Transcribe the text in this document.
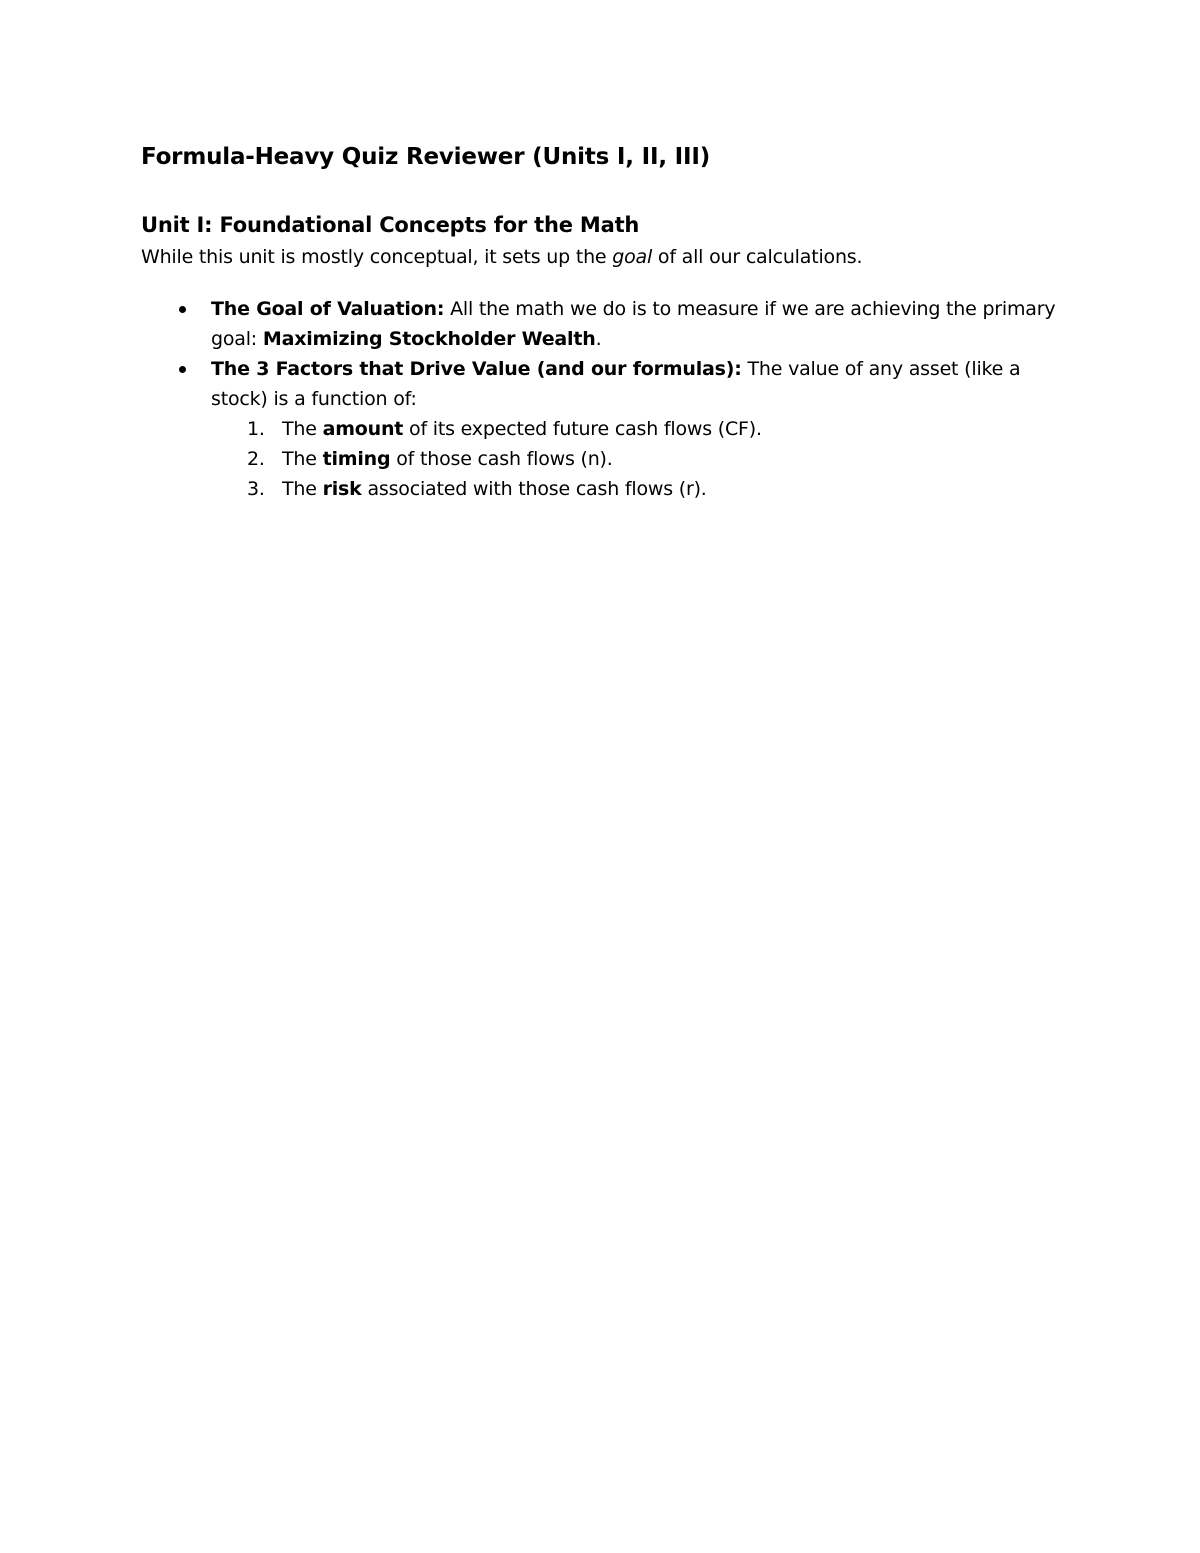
Formula-Heavy Quiz Reviewer (Units I, II, III)
Unit I: Foundational Concepts for the Math

While this unit is mostly conceptual, it sets up the goal of all our calculations.

The Goal of Valuation: All the math we do is to measure if we are achieving the primary goal: Maximizing Stockholder Wealth.
The 3 Factors that Drive Value (and our formulas): The value of any asset (like a stock) is a function of:
1. The amount of its expected future cash flows (CF).
2. The timing of those cash flows (n).
3. The risk associated with those cash flows (r).
